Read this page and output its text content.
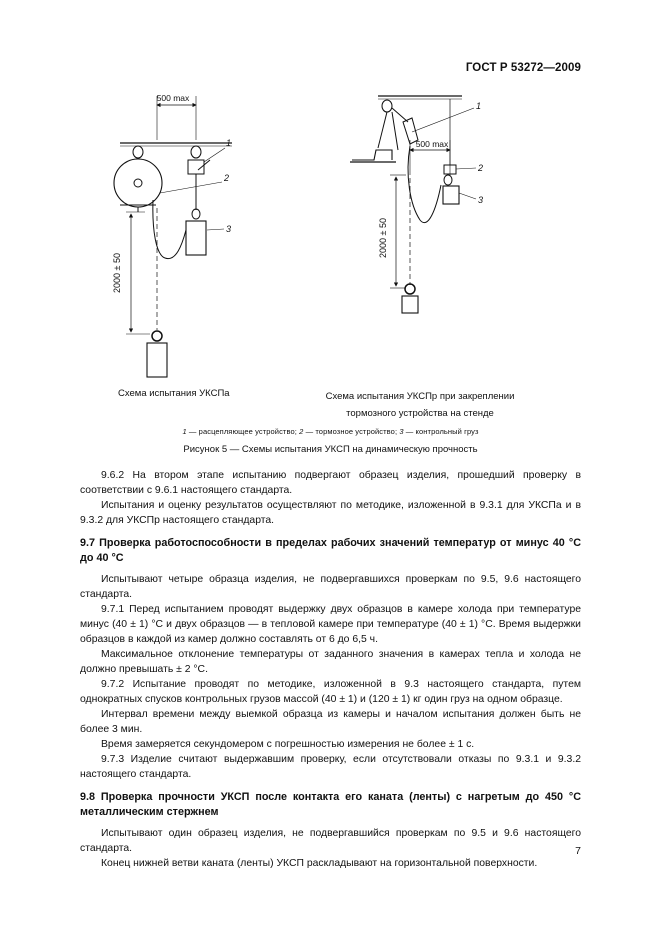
ГОСТ Р 53272—2009
500 max
2000 ± 50
1
2
3
500 max
2000 ± 50
1
2
3
Схема испытания УКСПа	Схема испытания УКСПр при закреплении
тормозного устройства на стенде
1 — расцепляющее устройство; 2 — тормозное устройство; 3 — контрольный груз
Рисунок 5 — Схемы испытания УКСП на динамическую прочность

9.6.2 На втором этапе испытанию подвергают образец изделия, прошедший проверку в соответствии с 9.6.1 настоящего стандарта.

Испытания и оценку результатов осуществляют по методике, изложенной в 9.3.1 для УКСПа и в 9.3.2 для УКСПр настоящего стандарта.

9.7 Проверка работоспособности в пределах рабочих значений температур от минус 40 °С до 40 °С

Испытывают четыре образца изделия, не подвергавшихся проверкам по 9.5, 9.6 настоящего стандарта.

9.7.1 Перед испытанием проводят выдержку двух образцов в камере холода при температуре минус (40 ± 1) °С и двух образцов — в тепловой камере при температуре (40 ± 1) °С. Время выдержки образцов в каждой из камер должно составлять от 6 до 6,5 ч.

Максимальное отклонение температуры от заданного значения в камерах тепла и холода не должно превышать ± 2 °С.

9.7.2 Испытание проводят по методике, изложенной в 9.3 настоящего стандарта, путем однократных спусков контрольных грузов массой (40 ± 1) и (120 ± 1) кг один груз на одном образце.

Интервал времени между выемкой образца из камеры и началом испытания должен быть не более 3 мин.

Время замеряется секундомером с погрешностью измерения не более ± 1 с.

9.7.3 Изделие считают выдержавшим проверку, если отсутствовали отказы по 9.3.1 и 9.3.2 настоящего стандарта.

9.8 Проверка прочности УКСП после контакта его каната (ленты) с нагретым до 450 °С металлическим стержнем

Испытывают один образец изделия, не подвергавшийся проверкам по 9.5 и 9.6 настоящего стандарта.

Конец нижней ветви каната (ленты) УКСП раскладывают на горизонтальной поверхности.

7
